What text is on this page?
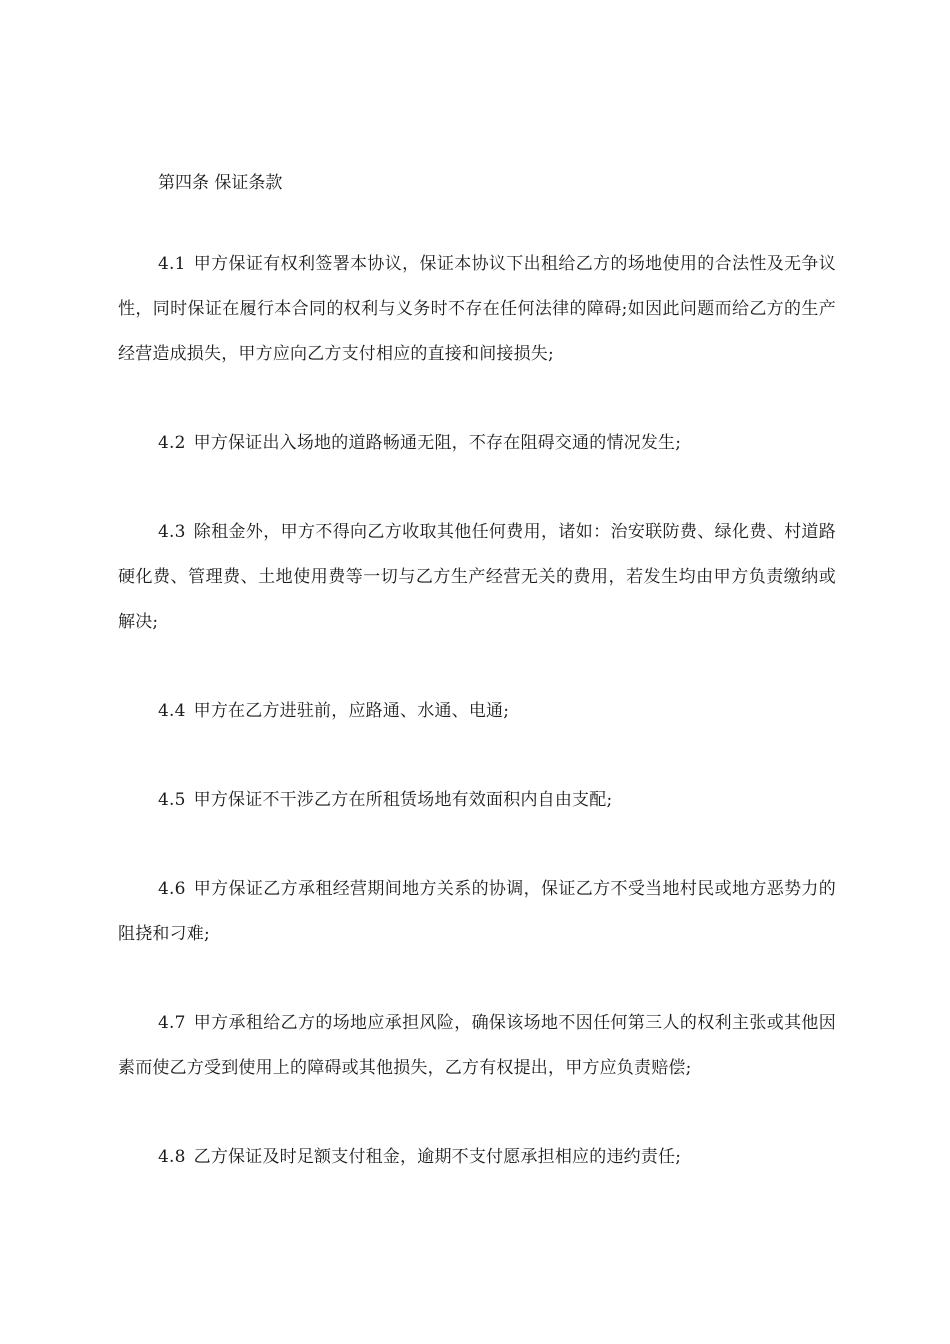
第四条 保证条款

4.1 甲方保证有权利签署本协议，保证本协议下出租给乙方的场地使用的合法性及无争议性，同时保证在履行本合同的权利与义务时不存在任何法律的障碍;如因此问题而给乙方的生产经营造成损失，甲方应向乙方支付相应的直接和间接损失;

4.2 甲方保证出入场地的道路畅通无阻，不存在阻碍交通的情况发生;

4.3 除租金外，甲方不得向乙方收取其他任何费用，诸如：治安联防费、绿化费、村道路硬化费、管理费、土地使用费等一切与乙方生产经营无关的费用，若发生均由甲方负责缴纳或解决;

4.4 甲方在乙方进驻前，应路通、水通、电通;

4.5 甲方保证不干涉乙方在所租赁场地有效面积内自由支配;

4.6 甲方保证乙方承租经营期间地方关系的协调，保证乙方不受当地村民或地方恶势力的阻挠和刁难;

4.7 甲方承租给乙方的场地应承担风险，确保该场地不因任何第三人的权利主张或其他因素而使乙方受到使用上的障碍或其他损失，乙方有权提出，甲方应负责赔偿;

4.8 乙方保证及时足额支付租金，逾期不支付愿承担相应的违约责任;
